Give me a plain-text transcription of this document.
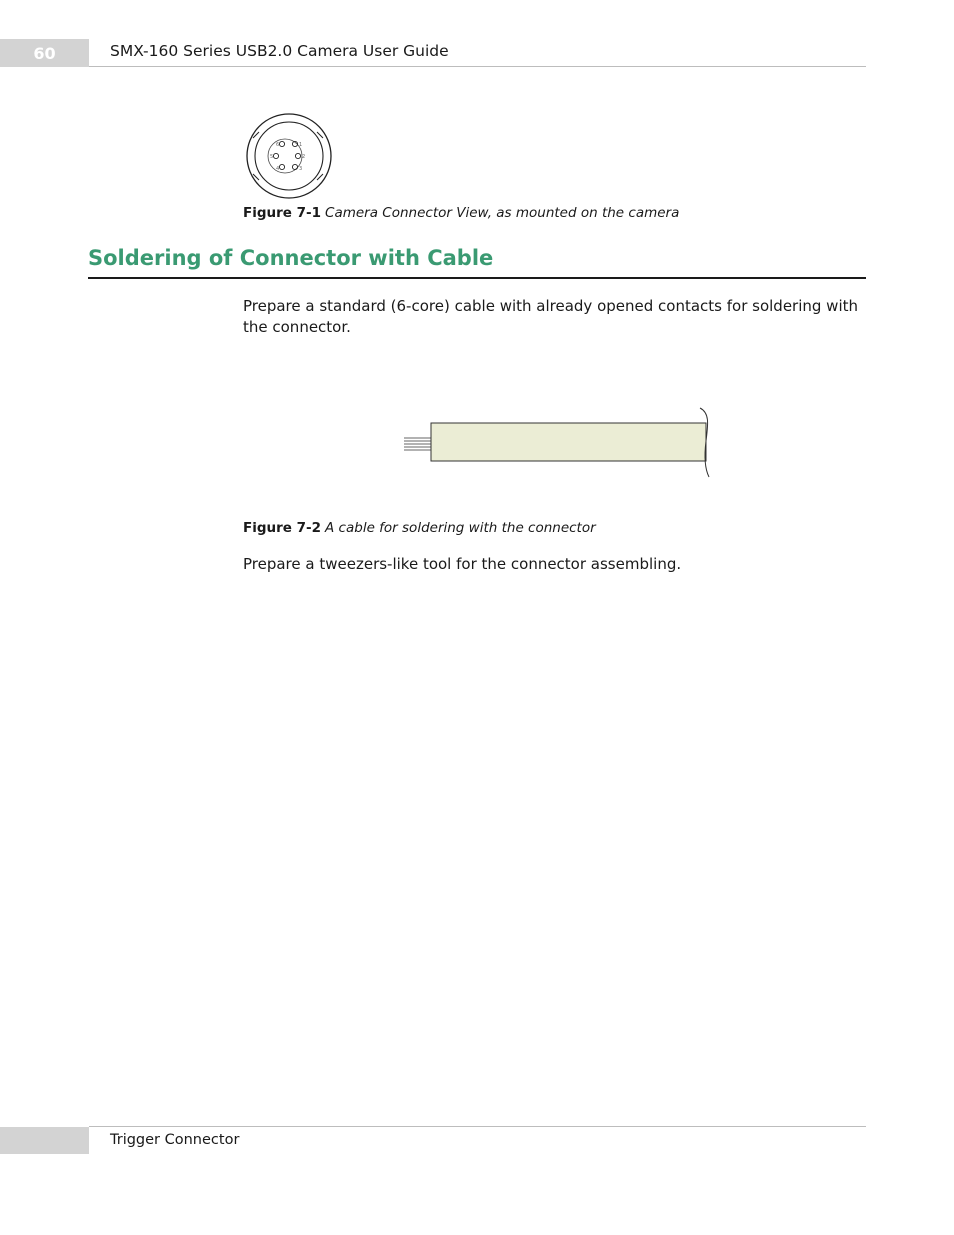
60	SMX-160 Series USB2.0 Camera User Guide
6	1
5	2
4	3
Figure 7-1 Camera Connector View, as mounted on the camera
Soldering of Connector with Cable
Prepare a standard (6-core) cable with already opened contacts for soldering with the connector.
Figure 7-2 A cable for soldering with the connector
Prepare a tweezers-like tool for the connector assembling.
Trigger Connector
